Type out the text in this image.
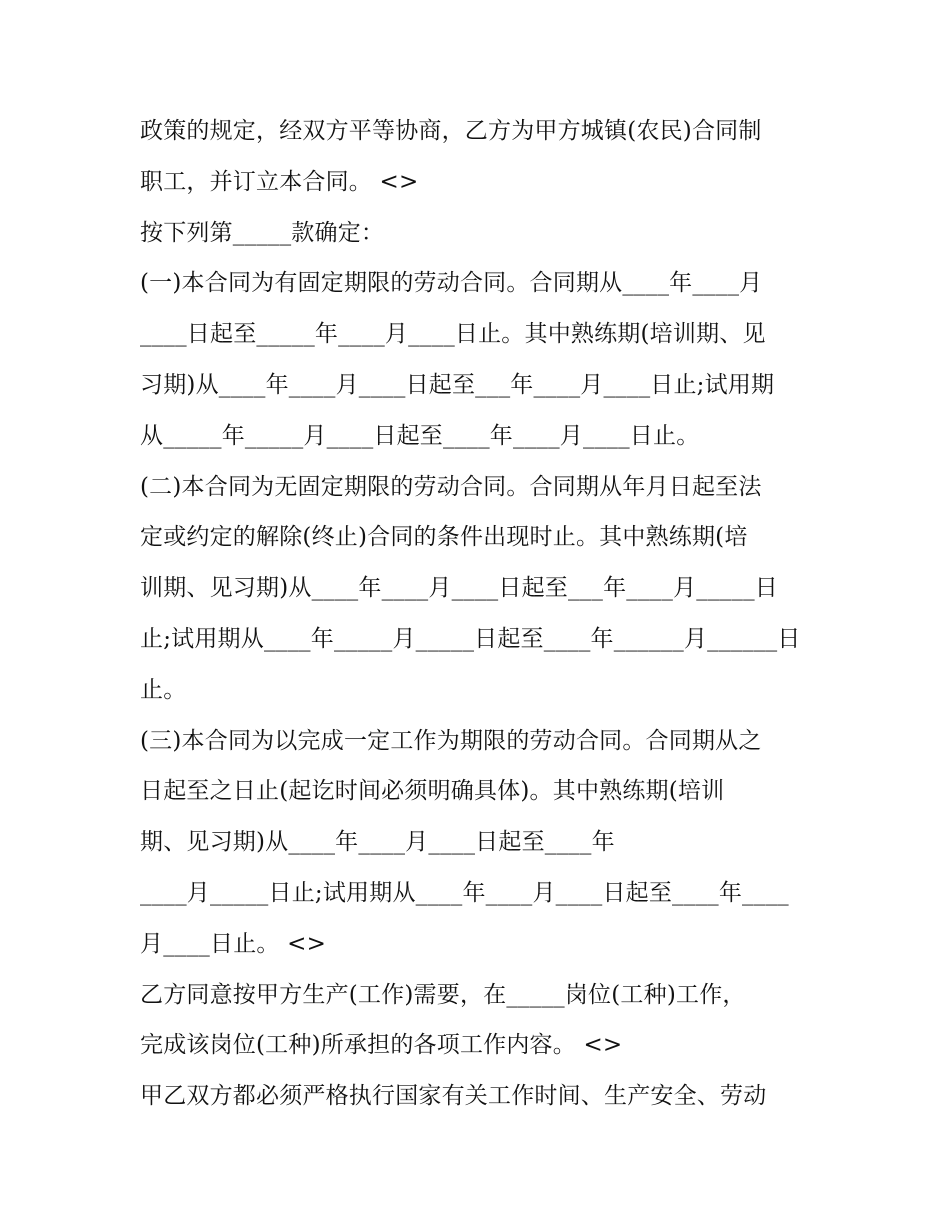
政策的规定，经双方平等协商，乙方为甲方城镇(农民)合同制
职工，并订立本合同。 <>
按下列第_____款确定：
(一)本合同为有固定期限的劳动合同。合同期从____年____月
____日起至_____年____月____日止。其中熟练期(培训期、见
习期)从____年____月____日起至___年____月____日止;试用期
从_____年_____月____日起至____年____月____日止。
(二)本合同为无固定期限的劳动合同。合同期从年月日起至法
定或约定的解除(终止)合同的条件出现时止。其中熟练期(培
训期、见习期)从____年____月____日起至___年____月_____日
止;试用期从____年_____月_____日起至____年______月______日
止。
(三)本合同为以完成一定工作为期限的劳动合同。合同期从之
日起至之日止(起讫时间必须明确具体)。其中熟练期(培训
期、见习期)从____年____月____日起至____年
____月_____日止;试用期从____年____月____日起至____年____
月____日止。 <>
乙方同意按甲方生产(工作)需要，在_____岗位(工种)工作，
完成该岗位(工种)所承担的各项工作内容。 <>
甲乙双方都必须严格执行国家有关工作时间、生产安全、劳动
